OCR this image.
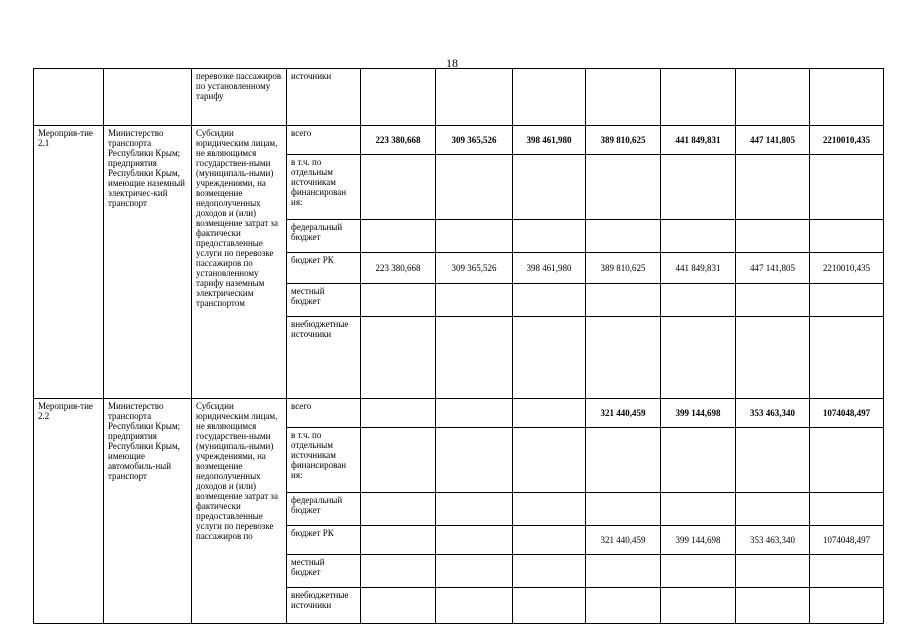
18
		перевозке пассажиров по установленному тарифу	источники							
Мероприя-тие 2.1	Министерство транспорта Республики Крым; предприятия Республики Крым, имеющие наземный электричес-кий транспорт	Субсидии юридическим лицам, не являющимся государствен-ными (муниципаль-ными) учреждениями, на возмещение недополученных доходов и (или) возмещение затрат за фактически предоставленные услуги по перевозке пассажиров по установленному тарифу наземным электрическим транспортом	всего	223 380,668	309 365,526	398 461,980	389 810,625	441 849,831	447 141,805	2210010,435
			в т.ч. по отдельным источникам финансирован ия:							
			федеральный бюджет							
			бюджет РК	223 380,668	309 365,526	398 461,980	389 810,625	441 849,831	447 141,805	2210010,435
			местный бюджет							
			внебюджетные источники							
Мероприя-тие 2.2	Министерство транспорта Республики Крым; предприятия Республики Крым, имеющие автомобиль-ный транспорт	Субсидии юридическим лицам, не являющимся государствен-ными (муниципаль-ными) учреждениями, на возмещение недополученных доходов и (или) возмещение затрат за фактически предоставленные услуги по перевозке пассажиров по	всего				321 440,459	399 144,698	353 463,340	1074048,497
			в т.ч. по отдельным источникам финансирован ия:							
			федеральный бюджет							
			бюджет РК				321 440,459	399 144,698	353 463,340	1074048,497
			местный бюджет							
			внебюджетные источники							
